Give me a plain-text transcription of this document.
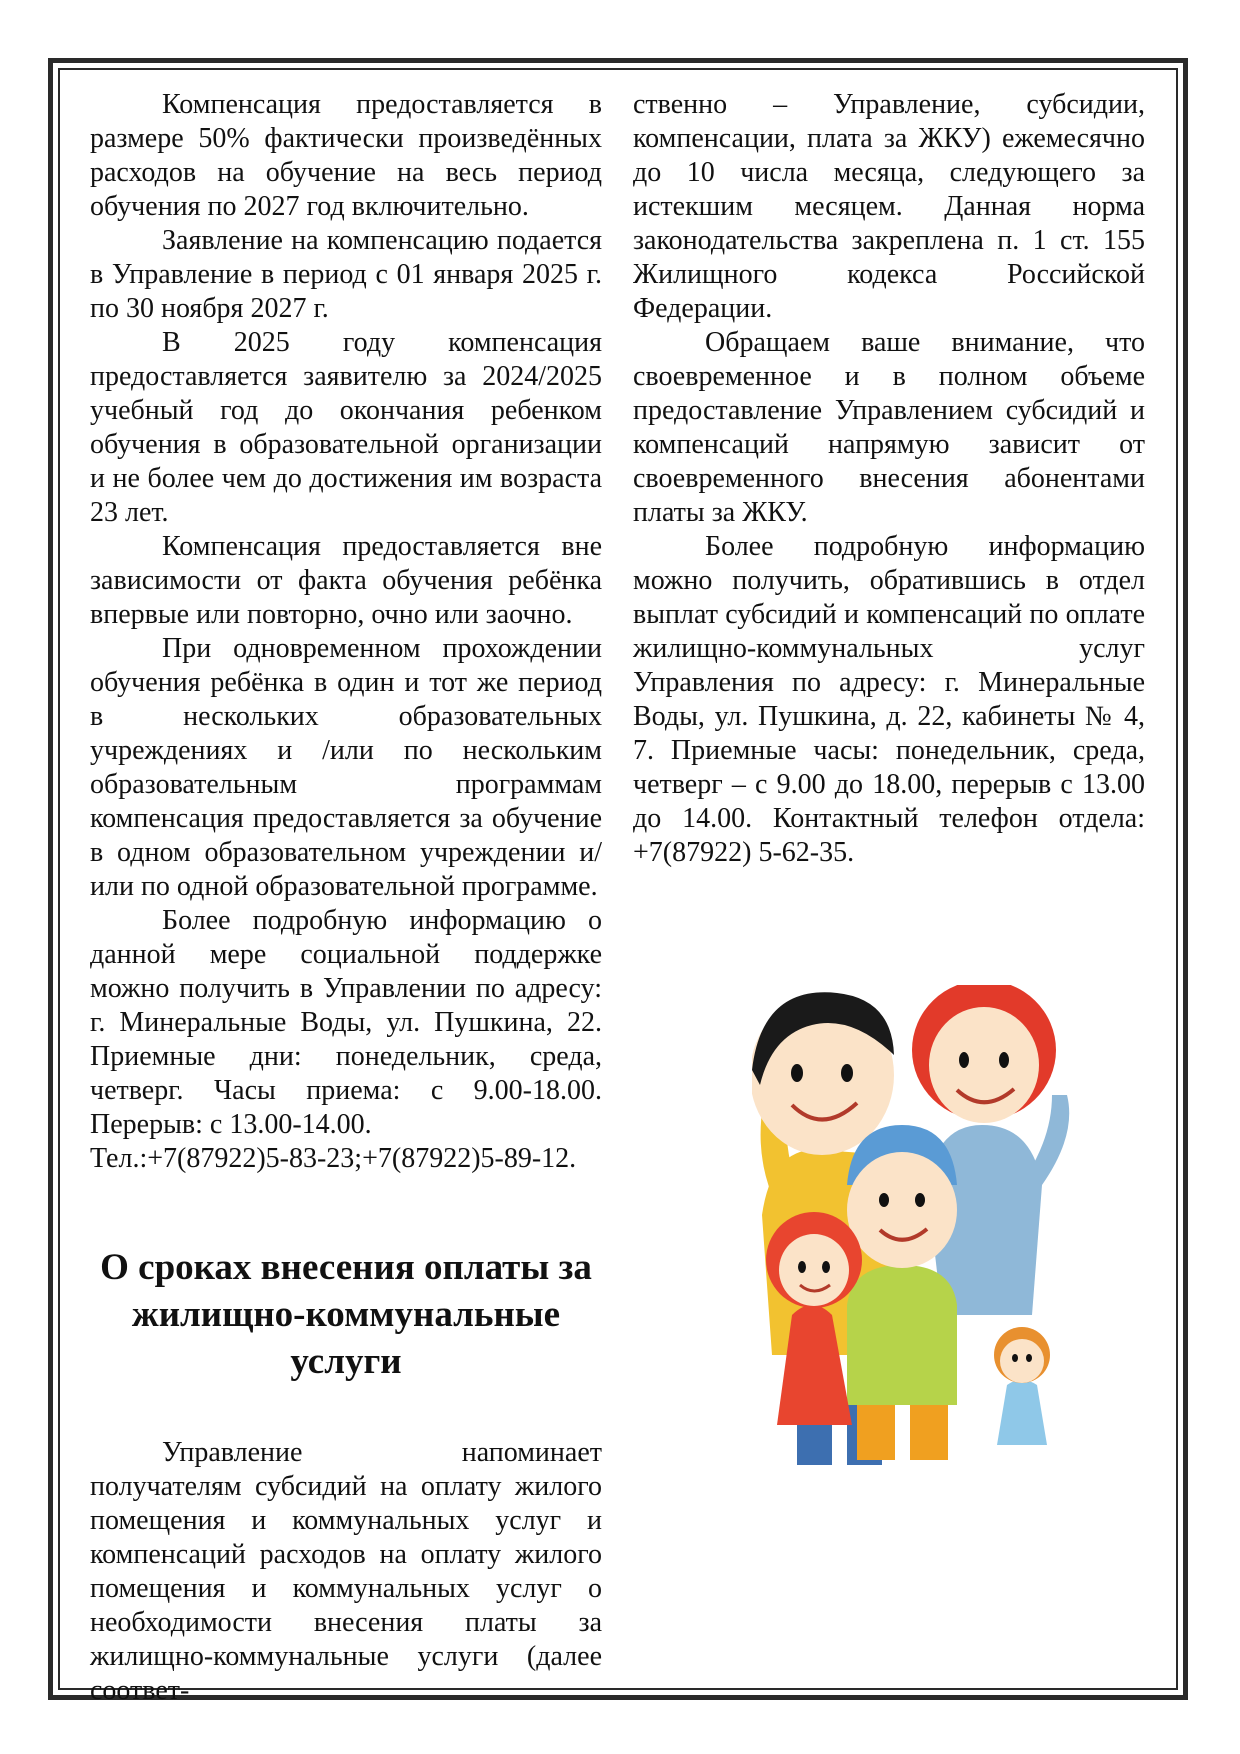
Компенсация предоставляется в размере 50% фактически произведённых расходов на обучение на весь период обучения по 2027 год включительно.

Заявление на компенсацию подается в Управление в период с 01 января 2025 г. по 30 ноября 2027 г.

В 2025 году компенсация предоставляется заявителю за 2024/2025 учебный год до окончания ребенком обучения в образовательной организации и не более чем до достижения им возраста 23 лет.

Компенсация предоставляется вне зависимости от факта обучения ребёнка впервые или повторно, очно или заочно.

При одновременном прохождении обучения ребёнка в один и тот же период в нескольких образовательных учреждениях и /или по нескольким образовательным программам компенсация предоставляется за обучение в одном образовательном учреждении и/или по одной образовательной программе.

Более подробную информацию о данной мере социальной поддержке можно получить в Управлении по адресу: г. Минеральные Воды, ул. Пушкина, 22. Приемные дни: понедельник, среда, четверг. Часы приема: с 9.00-18.00. Перерыв: с 13.00-14.00.

Тел.:+7(87922)5-83-23;+7(87922)5-89-12.

О сроках внесения оплаты за жилищно-коммунальные услуги

Управление напоминает получателям субсидий на оплату жилого помещения и коммунальных услуг и компенсаций расходов на оплату жилого помещения и коммунальных услуг о необходимости внесения платы за жилищно-коммунальные услуги (далее соответ-

ственно – Управление, субсидии, компенсации, плата за ЖКУ) ежемесячно до 10 числа месяца, следующего за истекшим месяцем. Данная норма законодательства закреплена п. 1 ст. 155 Жилищного кодекса Российской Федерации.

Обращаем ваше внимание, что своевременное и в полном объеме предоставление Управлением субсидий и компенсаций напрямую зависит от своевременного внесения абонентами платы за ЖКУ.

Более подробную информацию можно получить, обратившись в отдел выплат субсидий и компенсаций по оплате жилищно-коммунальных услуг Управления по адресу: г. Минеральные Воды, ул. Пушкина, д. 22, кабинеты № 4, 7. Приемные часы: понедельник, среда, четверг – с 9.00 до 18.00, перерыв с 13.00 до 14.00. Контактный телефон отдела: +7(87922) 5-62-35.
